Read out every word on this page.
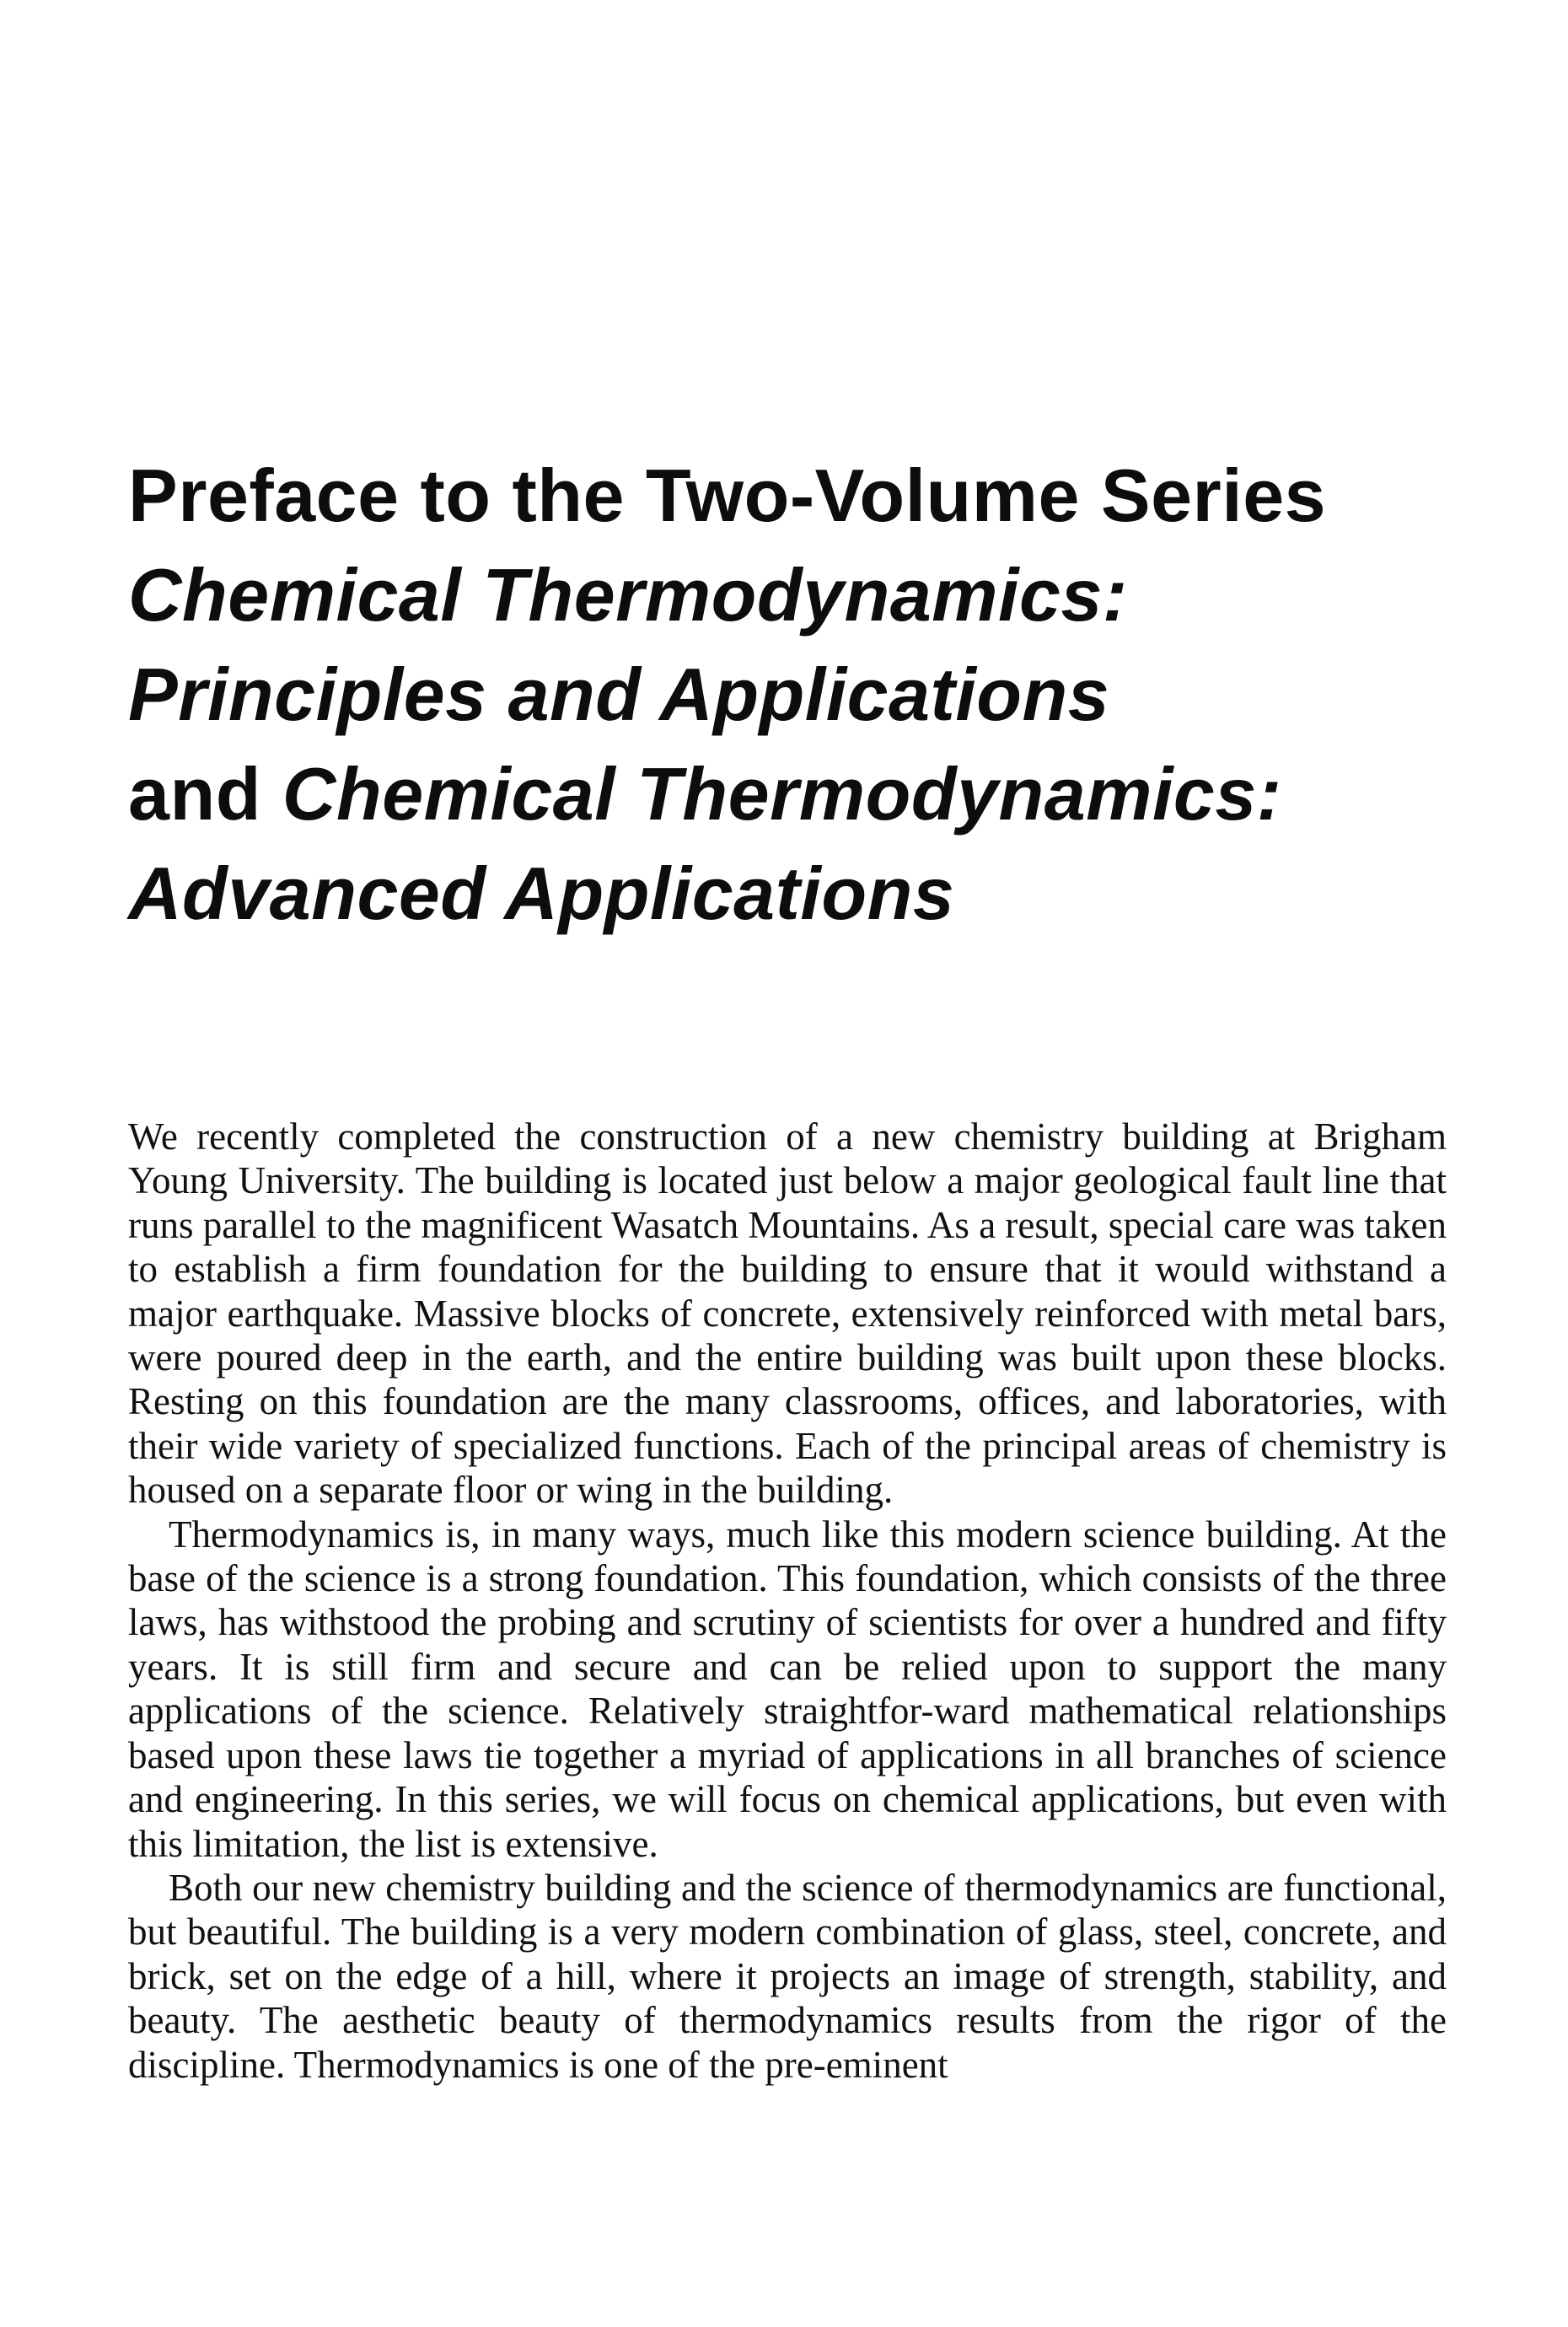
Preface to the Two-Volume Series
Chemical Thermodynamics:
Principles and Applications
and Chemical Thermodynamics:
Advanced Applications

We recently completed the construction of a new chemistry building at Brigham Young University. The building is located just below a major geological fault line that runs parallel to the magnificent Wasatch Mountains. As a result, special care was taken to establish a firm foundation for the building to ensure that it would withstand a major earthquake. Massive blocks of concrete, extensively reinforced with metal bars, were poured deep in the earth, and the entire building was built upon these blocks. Resting on this foundation are the many classrooms, offices, and laboratories, with their wide variety of specialized functions. Each of the principal areas of chemistry is housed on a separate floor or wing in the building.

Thermodynamics is, in many ways, much like this modern science building. At the base of the science is a strong foundation. This foundation, which consists of the three laws, has withstood the probing and scrutiny of scientists for over a hundred and fifty years. It is still firm and secure and can be relied upon to support the many applications of the science. Relatively straightfor-ward mathematical relationships based upon these laws tie together a myriad of applications in all branches of science and engineering. In this series, we will focus on chemical applications, but even with this limitation, the list is extensive.

Both our new chemistry building and the science of thermodynamics are functional, but beautiful. The building is a very modern combination of glass, steel, concrete, and brick, set on the edge of a hill, where it projects an image of strength, stability, and beauty. The aesthetic beauty of thermodynamics results from the rigor of the discipline. Thermodynamics is one of the pre-eminent
